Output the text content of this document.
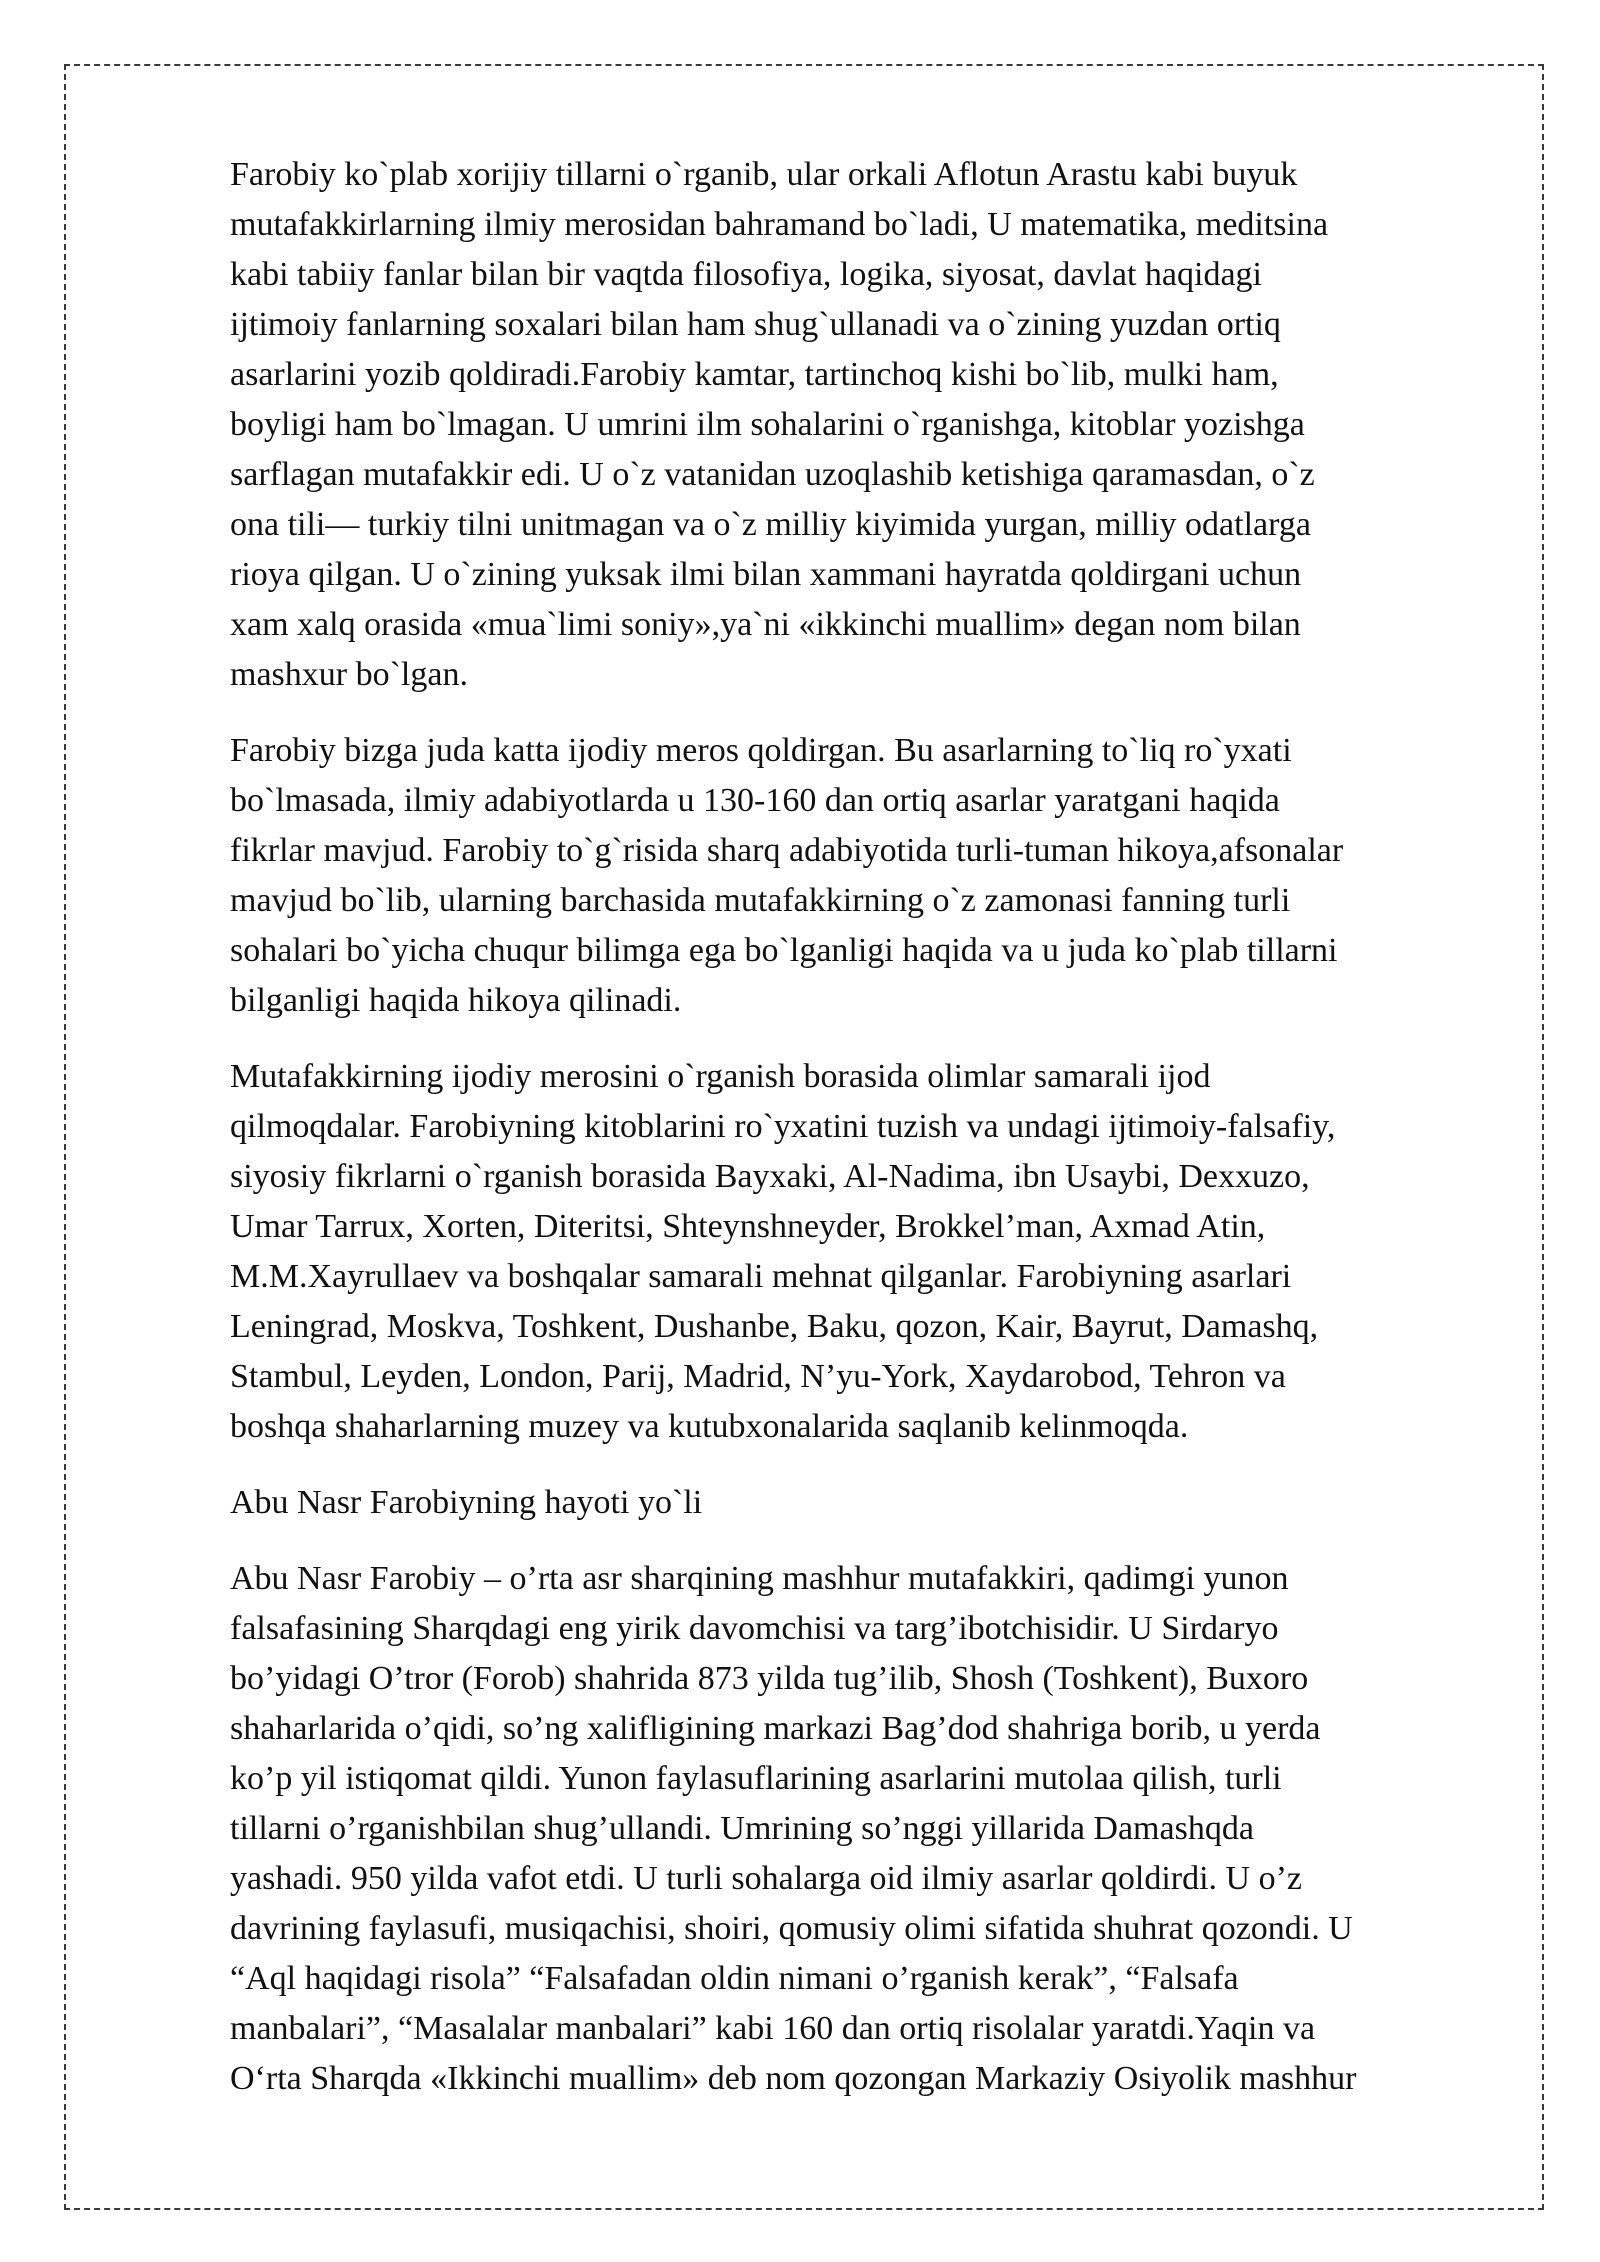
Farobiy ko`plab xorijiy tillarni o`rganib, ular orkali Aflotun Arastu kabi buyuk
mutafakkirlarning ilmiy merosidan bahramand bo`ladi, U matematika, meditsina
kabi tabiiy fanlar bilan bir vaqtda filosofiya, logika, siyosat, davlat haqidagi
ijtimoiy fanlarning soxalari bilan ham shug`ullanadi va o`zining yuzdan ortiq
asarlarini yozib qoldiradi.Farobiy kamtar, tartinchoq kishi bo`lib, mulki ham,
boyligi ham bo`lmagan. U umrini ilm sohalarini o`rganishga, kitoblar yozishga
sarflagan mutafakkir edi. U o`z vatanidan uzoqlashib ketishiga qaramasdan, o`z
ona tili— turkiy tilni unitmagan va o`z milliy kiyimida yurgan, milliy odatlarga
rioya qilgan. U o`zining yuksak ilmi bilan xammani hayratda qoldirgani uchun
xam xalq orasida «mua`limi soniy»,ya`ni «ikkinchi muallim» degan nom bilan
mashxur bo`lgan.

Farobiy bizga juda katta ijodiy meros qoldirgan. Bu asarlarning to`liq ro`yxati
bo`lmasada, ilmiy adabiyotlarda u 130-160 dan ortiq asarlar yaratgani haqida
fikrlar mavjud. Farobiy to`g`risida sharq adabiyotida turli-tuman hikoya,afsonalar
mavjud bo`lib, ularning barchasida mutafakkirning o`z zamonasi fanning turli
sohalari bo`yicha chuqur bilimga ega bo`lganligi haqida va u juda ko`plab tillarni
bilganligi haqida hikoya qilinadi.

Mutafakkirning ijodiy merosini o`rganish borasida olimlar samarali ijod
qilmoqdalar. Farobiyning kitoblarini ro`yxatini tuzish va undagi ijtimoiy-falsafiy,
siyosiy fikrlarni o`rganish borasida Bayxaki, Al-Nadima, ibn Usaybi, Dexxuzo,
Umar Tarrux, Xorten, Diteritsi, Shteynshneyder, Brokkel’man, Axmad Atin,
M.M.Xayrullaev va boshqalar samarali mehnat qilganlar. Farobiyning asarlari
Leningrad, Moskva, Toshkent, Dushanbe, Baku, qozon, Kair, Bayrut, Damashq,
Stambul, Leyden, London, Parij, Madrid, N’yu-York, Xaydarobod, Tehron va
boshqa shaharlarning muzey va kutubxonalarida saqlanib kelinmoqda.

Abu Nasr Farobiyning hayoti yo`li

Abu Nasr Farobiy – o’rta asr sharqining mashhur mutafakkiri, qadimgi yunon
falsafasining Sharqdagi eng yirik davomchisi va targ’ibotchisidir. U Sirdaryo
bo’yidagi O’tror (Forob) shahrida 873 yilda tug’ilib, Shosh (Toshkent), Buxoro
shaharlarida o’qidi, so’ng xalifligining markazi Bag’dod shahriga borib, u yerda
ko’p yil istiqomat qildi. Yunon faylasuflarining asarlarini mutolaa qilish, turli
tillarni o’rganishbilan shug’ullandi. Umrining so’nggi yillarida Damashqda
yashadi. 950 yilda vafot etdi. U turli sohalarga oid ilmiy asarlar qoldirdi. U o’z
davrining faylasufi, musiqachisi, shoiri, qomusiy olimi sifatida shuhrat qozondi. U
“Aql haqidagi risola” “Falsafadan oldin nimani o’rganish kerak”, “Falsafa
manbalari”, “Masalalar manbalari” kabi 160 dan ortiq risolalar yaratdi.Yaqin va
O‘rta Sharqda «Ikkinchi muallim» deb nom qozongan Markaziy Osiyolik mashhur
